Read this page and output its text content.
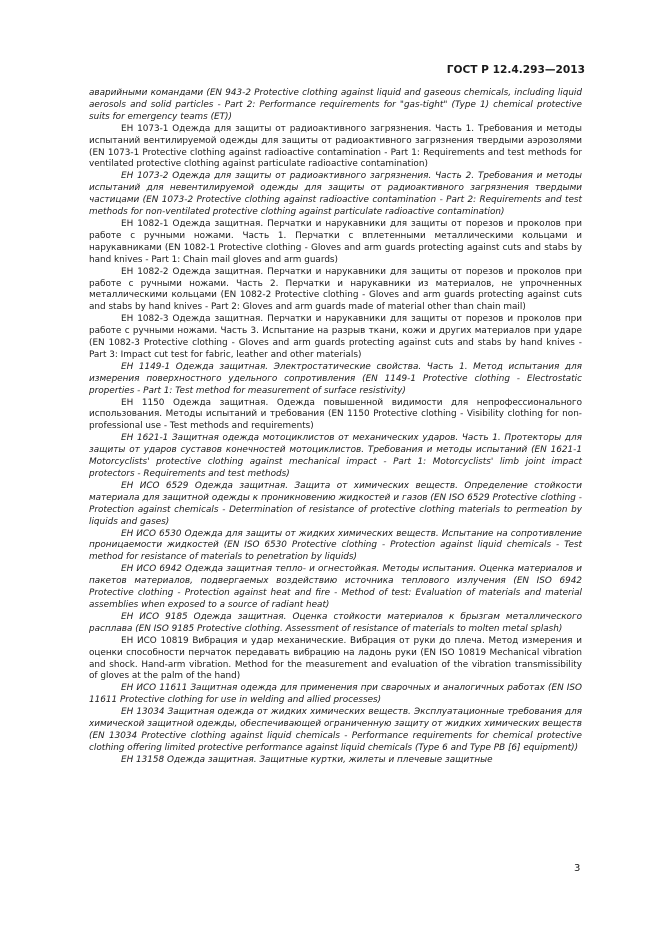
ГОСТ Р 12.4.293—2013

аварийными командами (EN 943-2 Protective clothing against liquid and gaseous chemicals, including liquid aerosols and solid particles - Part 2: Performance requirements for "gas-tight" (Type 1) chemical protective suits for emergency teams (ET))

ЕН 1073-1 Одежда для защиты от радиоактивного загрязнения. Часть 1. Требования и методы испытаний вентилируемой одежды для защиты от радиоактивного загрязнения твердыми аэрозолями (EN 1073-1 Protective clothing against radioactive contamination - Part 1: Requirements and test methods for ventilated protective clothing against particulate radioactive contamination)

ЕН 1073-2 Одежда для защиты от радиоактивного загрязнения. Часть 2. Требования и методы испытаний для невентилируемой одежды для защиты от радиоактивного загрязнения твердыми частицами (EN 1073-2 Protective clothing against radioactive contamination - Part 2: Requirements and test methods for non-ventilated protective clothing against particulate radioactive contamination)

ЕН 1082-1 Одежда защитная. Перчатки и нарукавники для защиты от порезов и проколов при работе с ручными ножами. Часть 1. Перчатки с вплетенными металлическими кольцами и нарукавниками (EN 1082-1 Protective clothing - Gloves and arm guards protecting against cuts and stabs by hand knives - Part 1: Chain mail gloves and arm guards)

ЕН 1082-2 Одежда защитная. Перчатки и нарукавники для защиты от порезов и проколов при работе с ручными ножами. Часть 2. Перчатки и нарукавники из материалов, не упрочненных металлическими кольцами (EN 1082-2 Protective clothing - Gloves and arm guards protecting against cuts and stabs by hand knives - Part 2: Gloves and arm guards made of material other than chain mail)

ЕН 1082-3 Одежда защитная. Перчатки и нарукавники для защиты от порезов и проколов при работе с ручными ножами. Часть 3. Испытание на разрыв ткани, кожи и других материалов при ударе (EN 1082-3 Protective clothing - Gloves and arm guards protecting against cuts and stabs by hand knives - Part 3: Impact cut test for fabric, leather and other materials)

ЕН 1149-1 Одежда защитная. Электростатические свойства. Часть 1. Метод испытания для измерения поверхностного удельного сопротивления (EN 1149-1 Protective clothing - Electrostatic properties - Part 1: Test method for measurement of surface resistivity)

ЕН 1150 Одежда защитная. Одежда повышенной видимости для непрофессионального использования. Методы испытаний и требования (EN 1150 Protective clothing - Visibility clothing for non-professional use - Test methods and requirements)

ЕН 1621-1 Защитная одежда мотоциклистов от механических ударов. Часть 1. Протекторы для защиты от ударов суставов конечностей мотоциклистов. Требования и методы испытаний (EN 1621-1 Motorcyclists' protective clothing against mechanical impact - Part 1: Motorcyclists' limb joint impact protectors - Requirements and test methods)

ЕН ИСО 6529 Одежда защитная. Защита от химических веществ. Определение стойкости материала для защитной одежды к проникновению жидкостей и газов (EN ISO 6529 Protective clothing - Protection against chemicals - Determination of resistance of protective clothing materials to permeation by liquids and gases)

ЕН ИСО 6530 Одежда для защиты от жидких химических веществ. Испытание на сопротивление проницаемости жидкостей (EN ISO 6530 Protective clothing - Protection against liquid chemicals - Test method for resistance of materials to penetration by liquids)

ЕН ИСО 6942 Одежда защитная тепло- и огнестойкая. Методы испытания. Оценка материалов и пакетов материалов, подвергаемых воздействию источника теплового излучения (EN ISO 6942 Protective clothing - Protection against heat and fire - Method of test: Evaluation of materials and material assemblies when exposed to a source of radiant heat)

ЕН ИСО 9185 Одежда защитная. Оценка стойкости материалов к брызгам металлического расплава (EN ISO 9185 Protective clothing. Assessment of resistance of materials to molten metal splash)

ЕН ИСО 10819 Вибрация и удар механические. Вибрация от руки до плеча. Метод измерения и оценки способности перчаток передавать вибрацию на ладонь руки (EN ISO 10819 Mechanical vibration and shock. Hand-arm vibration. Method for the measurement and evaluation of the vibration transmissibility of gloves at the palm of the hand)

ЕН ИСО 11611 Защитная одежда для применения при сварочных и аналогичных работах (EN ISO 11611 Protective clothing for use in welding and allied processes)

ЕН 13034 Защитная одежда от жидких химических веществ. Эксплуатационные требования для химической защитной одежды, обеспечивающей ограниченную защиту от жидких химических веществ (EN 13034 Protective clothing against liquid chemicals - Performance requirements for chemical protective clothing offering limited protective performance against liquid chemicals (Type 6 and Type PB [6] equipment))

ЕН 13158 Одежда защитная. Защитные куртки, жилеты и плечевые защитные

3
